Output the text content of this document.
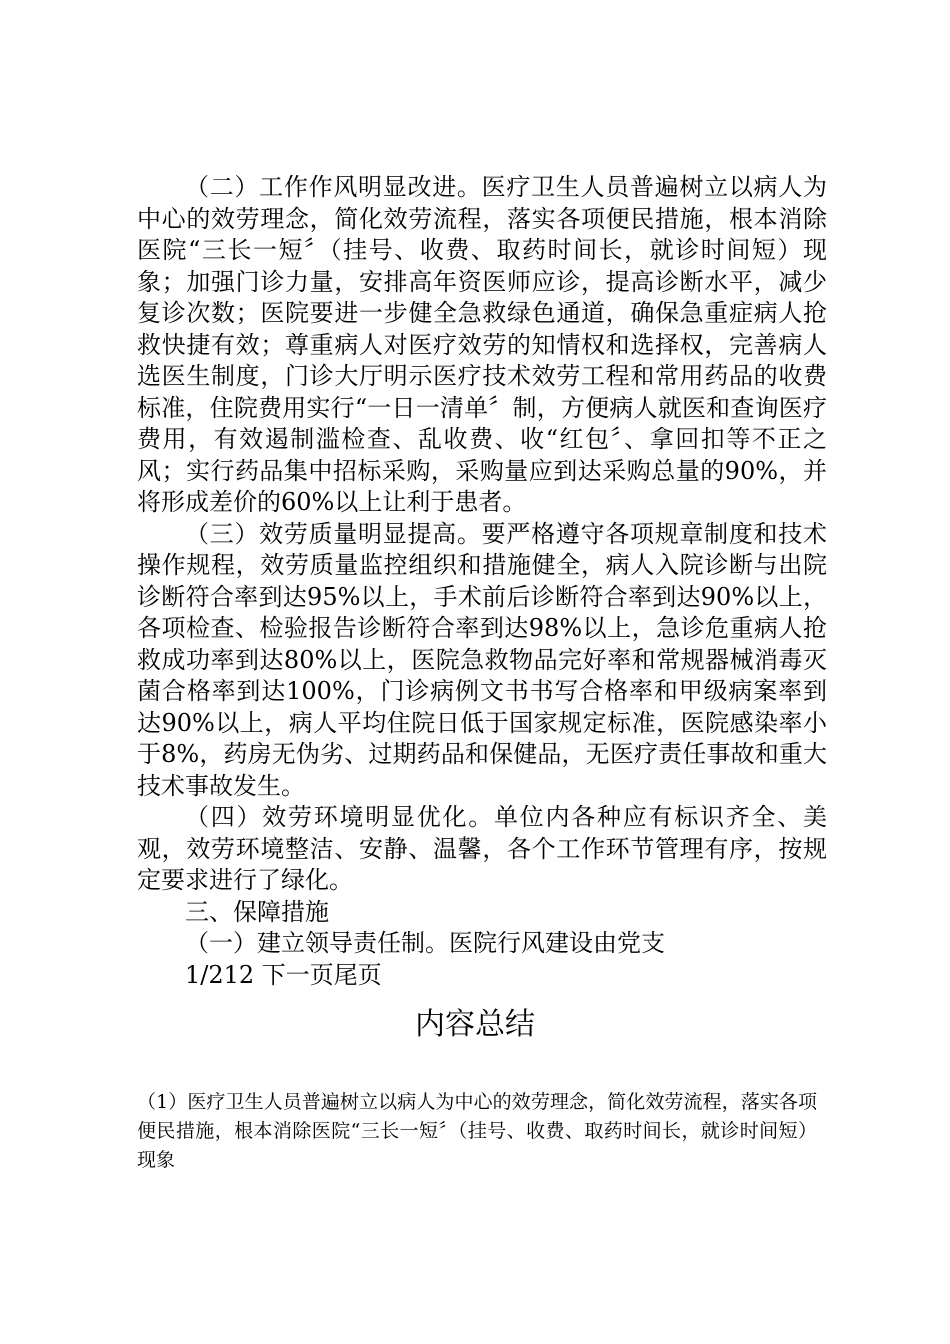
（二）工作作风明显改进。医疗卫生人员普遍树立以病人为中心的效劳理念，简化效劳流程，落实各项便民措施，根本消除医院“三长一短〞（挂号、收费、取药时间长，就诊时间短）现象；加强门诊力量，安排高年资医师应诊，提高诊断水平，减少复诊次数；医院要进一步健全急救绿色通道，确保急重症病人抢救快捷有效；尊重病人对医疗效劳的知情权和选择权，完善病人选医生制度，门诊大厅明示医疗技术效劳工程和常用药品的收费标准，住院费用实行“一日一清单〞制，方便病人就医和查询医疗费用，有效遏制滥检查、乱收费、收“红包〞、拿回扣等不正之风；实行药品集中招标采购，采购量应到达采购总量的90%，并将形成差价的60%以上让利于患者。

（三）效劳质量明显提高。要严格遵守各项规章制度和技术操作规程，效劳质量监控组织和措施健全，病人入院诊断与出院诊断符合率到达95%以上，手术前后诊断符合率到达90%以上，各项检查、检验报告诊断符合率到达98%以上，急诊危重病人抢救成功率到达80%以上，医院急救物品完好率和常规器械消毒灭菌合格率到达100%，门诊病例文书书写合格率和甲级病案率到达90%以上，病人平均住院日低于国家规定标准，医院感染率小于8%，药房无伪劣、过期药品和保健品，无医疗责任事故和重大技术事故发生。

（四）效劳环境明显优化。单位内各种应有标识齐全、美观，效劳环境整洁、安静、温馨，各个工作环节管理有序，按规定要求进行了绿化。

三、保障措施

（一）建立领导责任制。医院行风建设由党支

1/212 下一页尾页

内容总结

（1）医疗卫生人员普遍树立以病人为中心的效劳理念，简化效劳流程，落实各项便民措施，根本消除医院“三长一短〞（挂号、收费、取药时间长，就诊时间短）现象
